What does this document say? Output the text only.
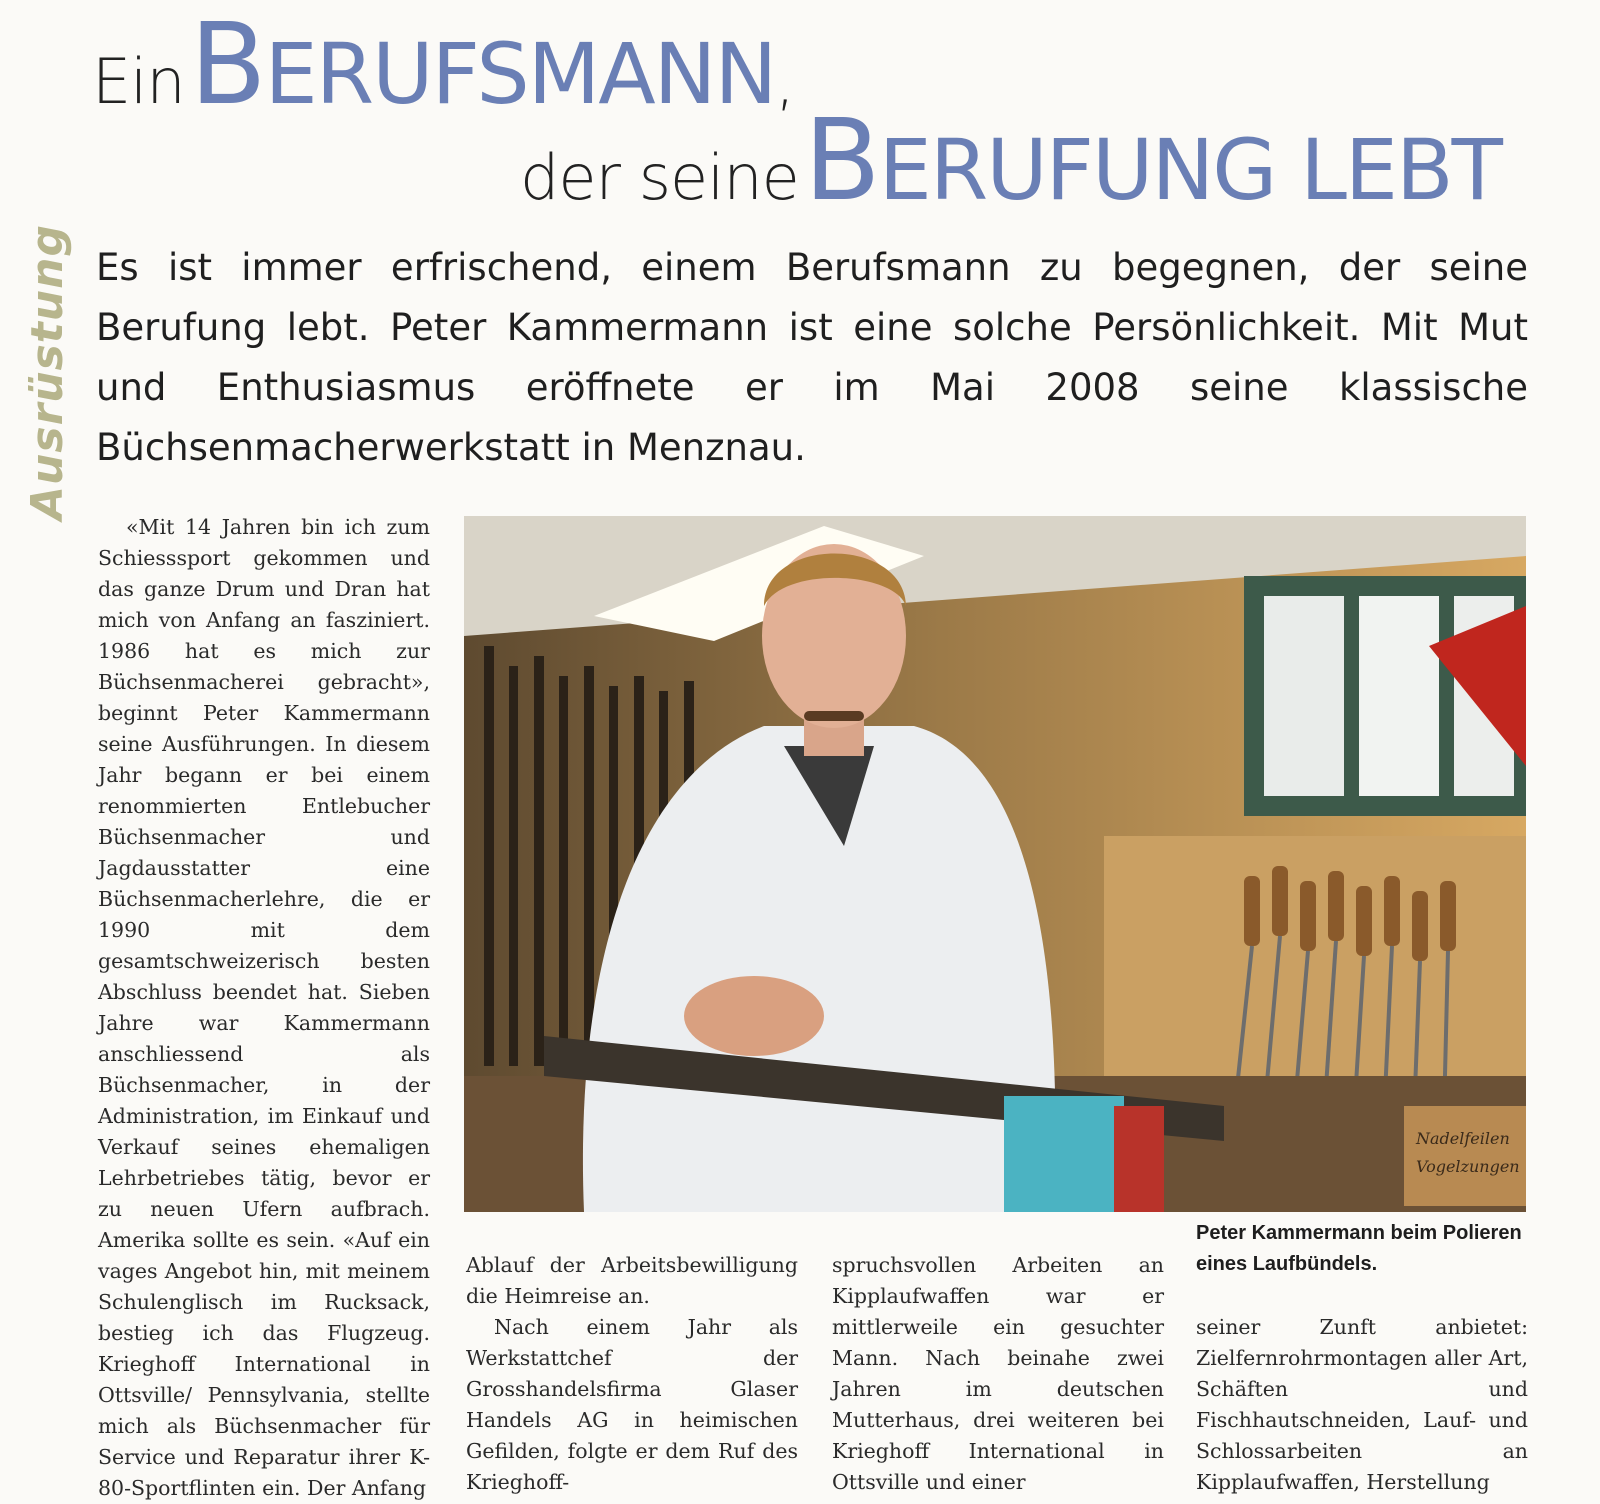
Ein BERUFSMANN,
der seine BERUFUNG LEBT
Ausrüstung Es ist immer erfrischend, einem Berufsmann zu begegnen, der seine Berufung lebt. Peter Kammermann ist eine solche Persönlichkeit. Mit Mut und Enthusiasmus eröffnete er im Mai 2008 seine klassische Büchsenmacherwerkstatt in Menznau.

«Mit 14 Jahren bin ich zum Schiesssport gekommen und das ganze Drum und Dran hat mich von Anfang an fasziniert. 1986 hat es mich zur Büchsenmacherei gebracht», beginnt Peter Kammermann seine Ausführungen. In diesem Jahr begann er bei einem renommierten Entlebucher Büchsenmacher und Jagdausstatter eine Büchsenmacherlehre, die er 1990 mit dem gesamtschweizerisch besten Abschluss beendet hat. Sieben Jahre war Kammermann anschliessend als Büchsenmacher, in der Administration, im Einkauf und Verkauf seines ehemaligen Lehrbetriebes tätig, bevor er zu neuen Ufern aufbrach. Amerika sollte es sein. «Auf ein vages Angebot hin, mit meinem Schulenglisch im Rucksack, bestieg ich das Flugzeug. Krieghoff International in Ottsville/ Pennsylvania, stellte mich als Büchsenmacher für Service und Reparatur ihrer K-80-Sportflinten ein. Der Anfang

Ablauf der Arbeitsbewilligung die Heimreise an.

Nach einem Jahr als Werkstattchef der Grosshandelsfirma Glaser Handels AG in heimischen Gefilden, folgte er dem Ruf des Krieghoff-

spruchsvollen Arbeiten an Kipplaufwaffen war er mittlerweile ein gesuchter Mann. Nach beinahe zwei Jahren im deutschen Mutterhaus, drei weiteren bei Krieghoff International in Ottsville und einer

seiner Zunft anbietet: Zielfernrohrmontagen aller Art, Schäften und Fischhautschneiden, Lauf- und Schlossarbeiten an Kipplaufwaffen, Herstellung

Nadelfeilen
Vogelzungen

Peter Kammermann beim Polieren eines Laufbündels.
